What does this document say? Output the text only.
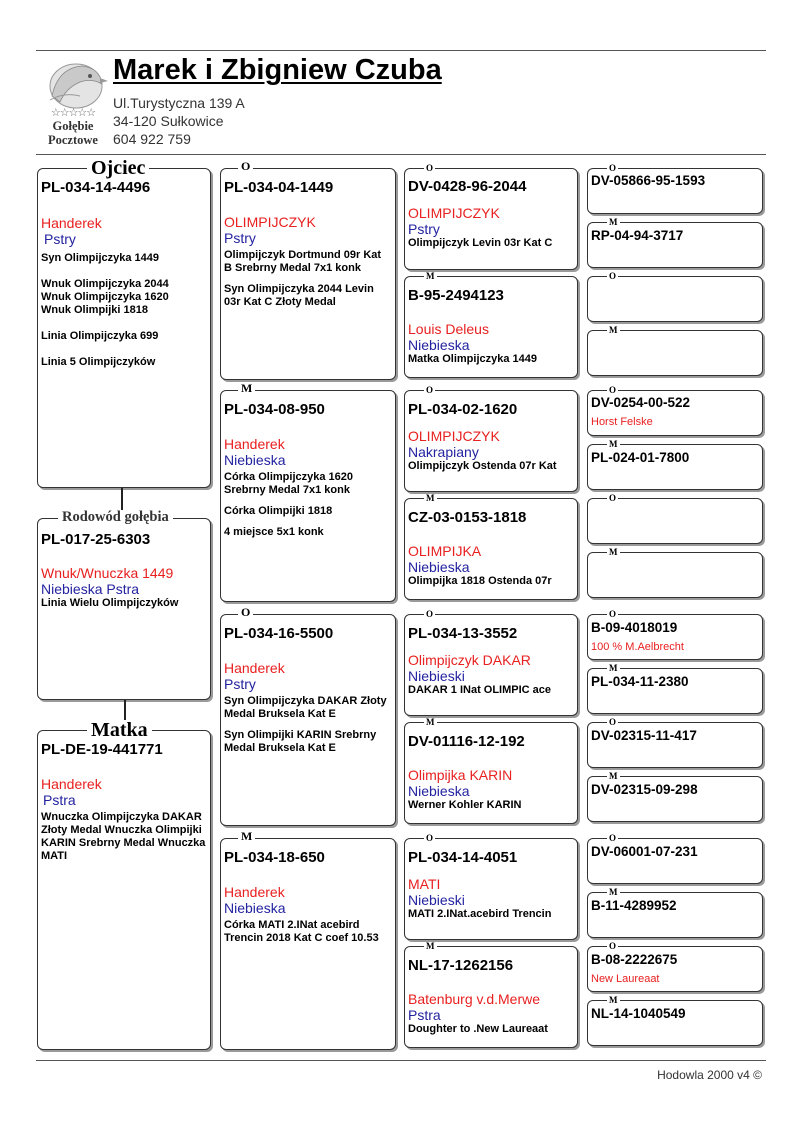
☆☆☆☆☆
Gołębie
Pocztowe
Marek i Zbigniew Czuba
Ul.Turystyczna 139 A
34-120 Sułkowice
604 922 759
PL-034-14-4496
Handerek
Pstry
Syn Olimpijczyka 1449

Wnuk Olimpijczyka 2044
Wnuk Olimpijczyka 1620
Wnuk Olimpijki 1818

Linia Olimpijczyka 699

Linia 5 Olimpijczyków
Ojciec
PL-017-25-6303
Wnuk/Wnuczka 1449
Niebieska Pstra
Linia Wielu Olimpijczyków
Rodowód gołębia
PL-DE-19-441771
Handerek
Pstra
Wnuczka Olimpijczyka DAKAR Złoty Medal Wnuczka Olimpijki KARIN Srebrny Medal Wnuczka MATI
Matka
PL-034-04-1449
OLIMPIJCZYK
Pstry
Olimpijczyk Dortmund 09r Kat
B Srebrny Medal 7x1 konk
Syn Olimpijczyka 2044 Levin 03r Kat C Złoty Medal
O
PL-034-08-950
Handerek
Niebieska
Córka Olimpijczyka 1620 Srebrny Medal 7x1 konk
Córka Olimpijki 1818
4 miejsce 5x1 konk
M
PL-034-16-5500
Handerek
Pstry
Syn Olimpijczyka DAKAR Złoty Medal Bruksela Kat E
Syn Olimpijki KARIN Srebrny Medal Bruksela Kat E
O
PL-034-18-650
Handerek
Niebieska
Córka MATI 2.INat acebird Trencin 2018 Kat C coef 10.53
M
DV-0428-96-2044
OLIMPIJCZYK
Pstry
Olimpijczyk Levin 03r Kat C
O
B-95-2494123
Louis Deleus
Niebieska
Matka Olimpijczyka 1449
M
PL-034-02-1620
OLIMPIJCZYK
Nakrapiany
Olimpijczyk Ostenda 07r Kat
O
CZ-03-0153-1818
OLIMPIJKA
Niebieska
Olimpijka 1818 Ostenda 07r
M
PL-034-13-3552
Olimpijczyk DAKAR
Niebieski
DAKAR 1 INat OLIMPIC ace
O
DV-01116-12-192
Olimpijka KARIN
Niebieska
Werner Kohler KARIN
M
PL-034-14-4051
MATI
Niebieski
MATI 2.INat.acebird Trencin
O
NL-17-1262156
Batenburg v.d.Merwe
Pstra
Doughter to .New Laureaat
M
DV-05866-95-1593
O
RP-04-94-3717
M
O
M
DV-0254-00-522
Horst Felske
O
PL-024-01-7800
M
O
M
B-09-4018019
100 % M.Aelbrecht
O
PL-034-11-2380
M
DV-02315-11-417
O
DV-02315-09-298
M
DV-06001-07-231
O
B-11-4289952
M
B-08-2222675
New Laureaat
O
NL-14-1040549
M
Hodowla 2000 v4 ©
